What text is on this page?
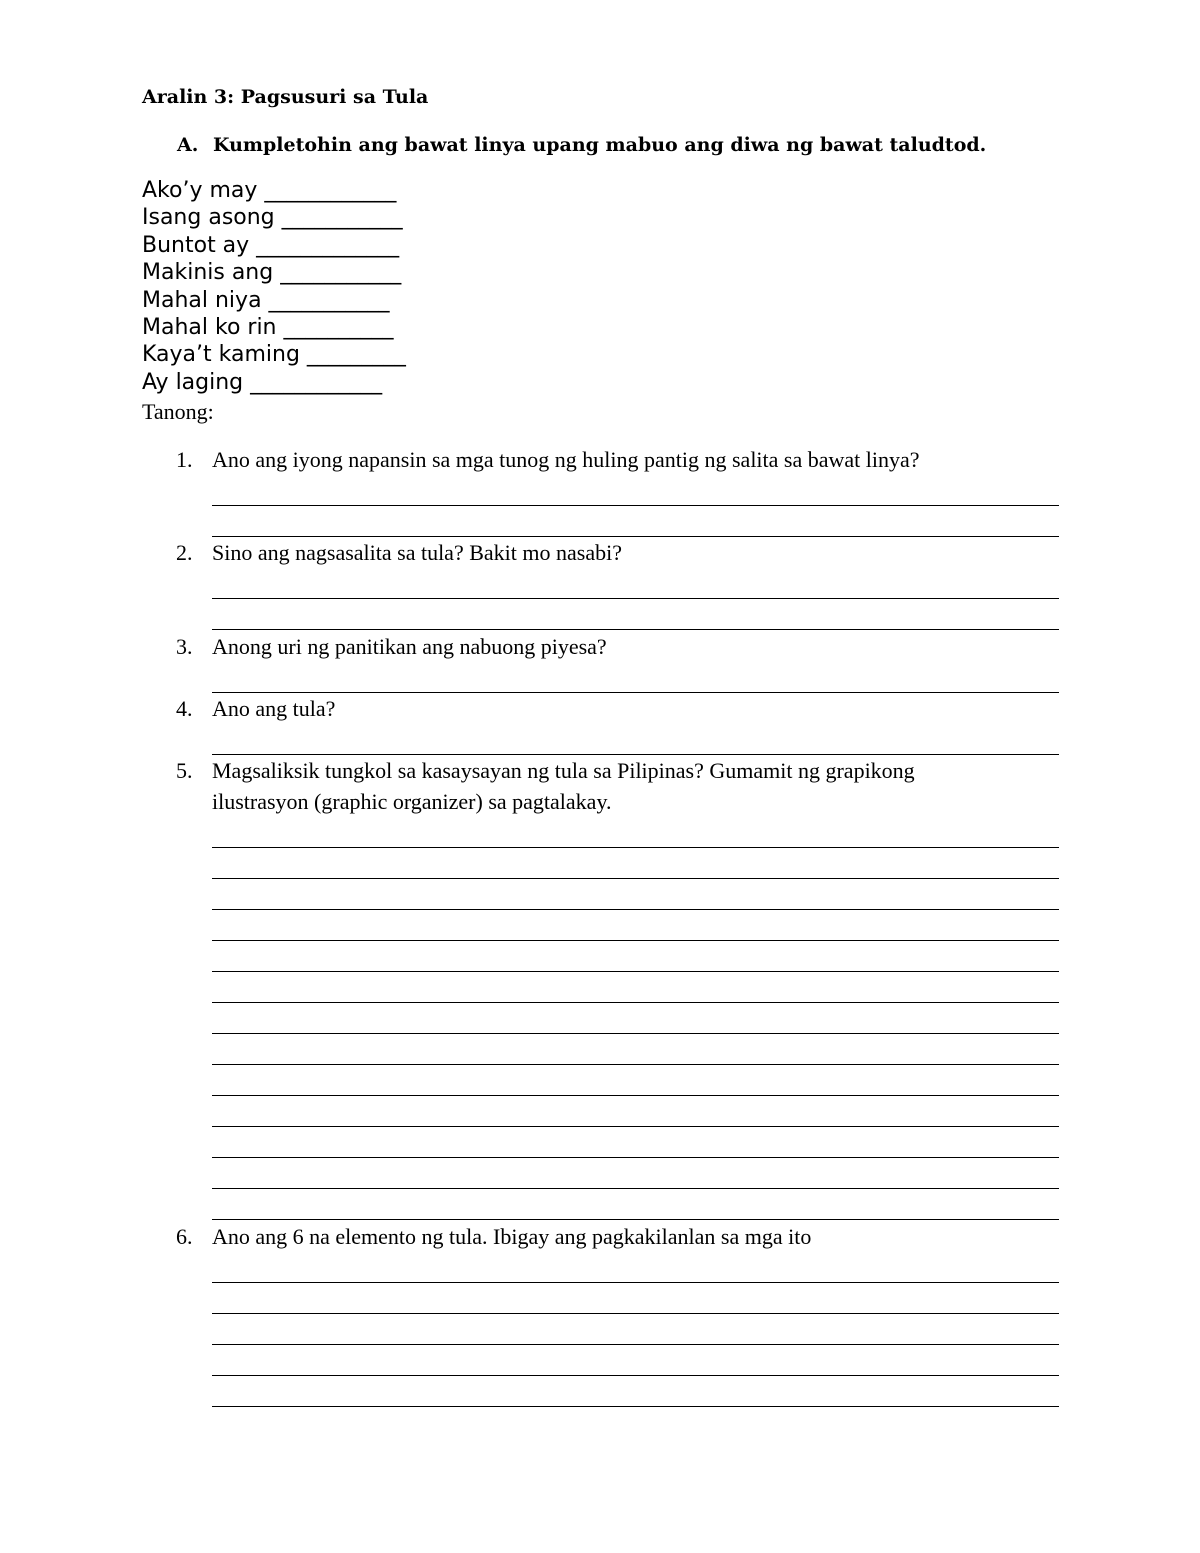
Aralin 3: Pagsusuri sa Tula
A. Kumpletohin ang bawat linya upang mabuo ang diwa ng bawat taludtod.
Ako’y may ____________
Isang asong ___________
Buntot ay _____________
Makinis ang ___________
Mahal niya ___________
Mahal ko rin __________
Kaya’t kaming _________
Ay laging ____________
Tanong:
1. Ano ang iyong napansin sa mga tunog ng huling pantig ng salita sa bawat linya?
2. Sino ang nagsasalita sa tula? Bakit mo nasabi?
3. Anong uri ng panitikan ang nabuong piyesa?
4. Ano ang tula?
5. Magsaliksik tungkol sa kasaysayan ng tula sa Pilipinas? Gumamit ng grapikong
ilustrasyon (graphic organizer) sa pagtalakay.
6. Ano ang 6 na elemento ng tula. Ibigay ang pagkakilanlan sa mga ito
